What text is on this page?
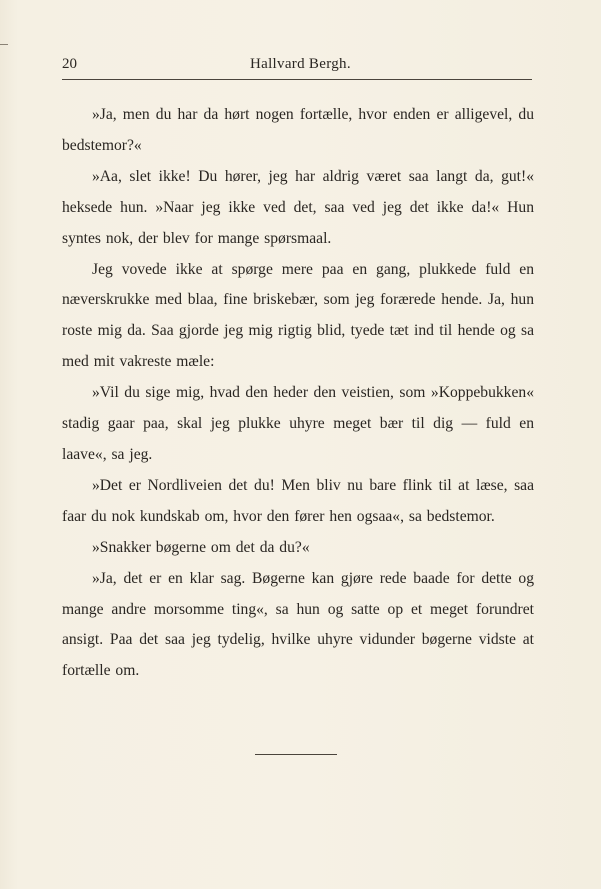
20	Hallvard Bergh.

»Ja, men du har da hørt nogen fortælle, hvor enden er alligevel, du bedstemor?«

»Aa, slet ikke! Du hører, jeg har aldrig været saa langt da, gut!« heksede hun. »Naar jeg ikke ved det, saa ved jeg det ikke da!« Hun syntes nok, der blev for mange spørsmaal.

Jeg vovede ikke at spørge mere paa en gang, plukkede fuld en næverskrukke med blaa, fine briskebær, som jeg forærede hende. Ja, hun roste mig da. Saa gjorde jeg mig rigtig blid, tyede tæt ind til hende og sa med mit vakreste mæle:

»Vil du sige mig, hvad den heder den veistien, som »Koppebukken« stadig gaar paa, skal jeg plukke uhyre meget bær til dig — fuld en laave«, sa jeg.

»Det er Nordliveien det du! Men bliv nu bare flink til at læse, saa faar du nok kundskab om, hvor den fører hen ogsaa«, sa bedstemor.

»Snakker bøgerne om det da du?«

»Ja, det er en klar sag. Bøgerne kan gjøre rede baade for dette og mange andre morsomme ting«, sa hun og satte op et meget forundret ansigt. Paa det saa jeg tydelig, hvilke uhyre vidunder bøgerne vidste at fortælle om.
